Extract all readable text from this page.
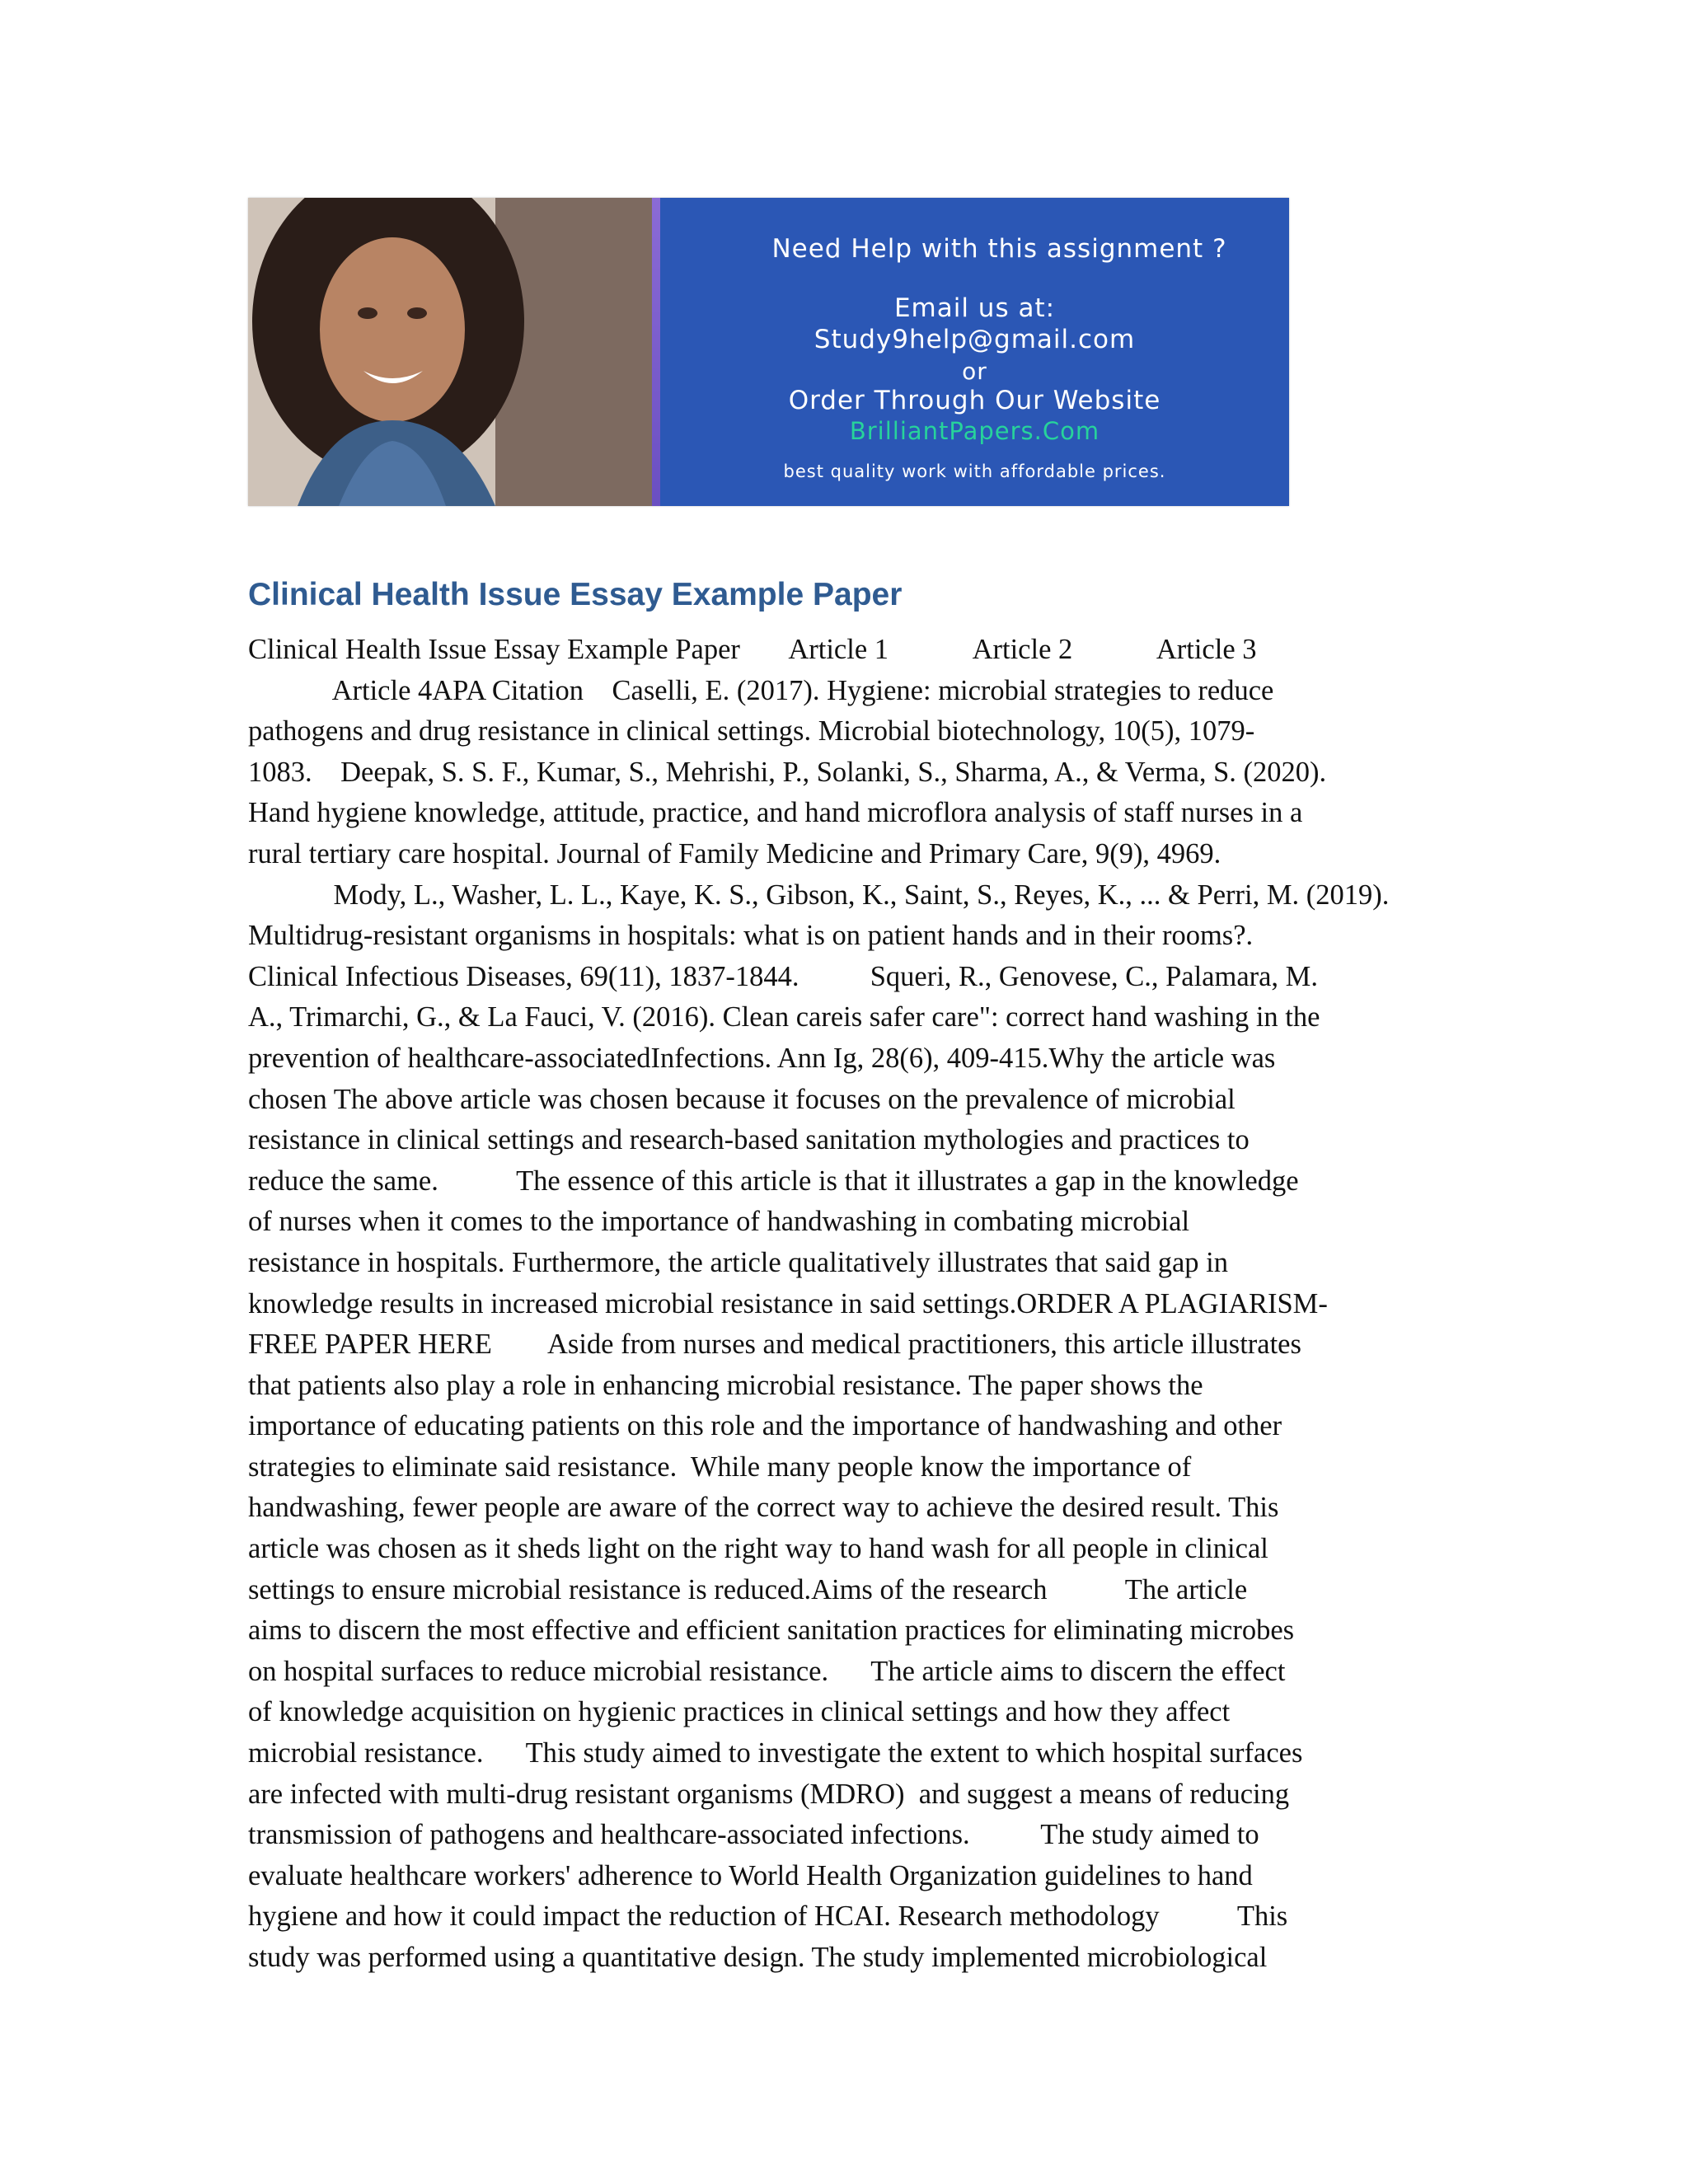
Need Help with this assignment ?
Email us at:
Study9help@gmail.com
or
Order Through Our Website
BrilliantPapers.Com
best quality work with affordable prices.
Clinical Health Issue Essay Example Paper
Clinical Health Issue Essay Example Paper       Article 1            Article 2            Article 3
Article 4APA Citation    Caselli, E. (2017). Hygiene: microbial strategies to reduce
pathogens and drug resistance in clinical settings. Microbial biotechnology, 10(5), 1079-
1083.    Deepak, S. S. F., Kumar, S., Mehrishi, P., Solanki, S., Sharma, A., & Verma, S. (2020).
Hand hygiene knowledge, attitude, practice, and hand microflora analysis of staff nurses in a
rural tertiary care hospital. Journal of Family Medicine and Primary Care, 9(9), 4969.
Mody, L., Washer, L. L., Kaye, K. S., Gibson, K., Saint, S., Reyes, K., ... & Perri, M. (2019).
Multidrug-resistant organisms in hospitals: what is on patient hands and in their rooms?.
Clinical Infectious Diseases, 69(11), 1837-1844.          Squeri, R., Genovese, C., Palamara, M.
A., Trimarchi, G., & La Fauci, V. (2016). Clean careis safer care": correct hand washing in the
prevention of healthcare-associatedInfections. Ann Ig, 28(6), 409-415.Why the article was
chosen The above article was chosen because it focuses on the prevalence of microbial
resistance in clinical settings and research-based sanitation mythologies and practices to
reduce the same.           The essence of this article is that it illustrates a gap in the knowledge
of nurses when it comes to the importance of handwashing in combating microbial
resistance in hospitals. Furthermore, the article qualitatively illustrates that said gap in
knowledge results in increased microbial resistance in said settings.ORDER A PLAGIARISM-
FREE PAPER HERE        Aside from nurses and medical practitioners, this article illustrates
that patients also play a role in enhancing microbial resistance. The paper shows the
importance of educating patients on this role and the importance of handwashing and other
strategies to eliminate said resistance.  While many people know the importance of
handwashing, fewer people are aware of the correct way to achieve the desired result. This
article was chosen as it sheds light on the right way to hand wash for all people in clinical
settings to ensure microbial resistance is reduced.Aims of the research           The article
aims to discern the most effective and efficient sanitation practices for eliminating microbes
on hospital surfaces to reduce microbial resistance.      The article aims to discern the effect
of knowledge acquisition on hygienic practices in clinical settings and how they affect
microbial resistance.      This study aimed to investigate the extent to which hospital surfaces
are infected with multi-drug resistant organisms (MDRO)  and suggest a means of reducing
transmission of pathogens and healthcare-associated infections.          The study aimed to
evaluate healthcare workers' adherence to World Health Organization guidelines to hand
hygiene and how it could impact the reduction of HCAI. Research methodology           This
study was performed using a quantitative design. The study implemented microbiological
